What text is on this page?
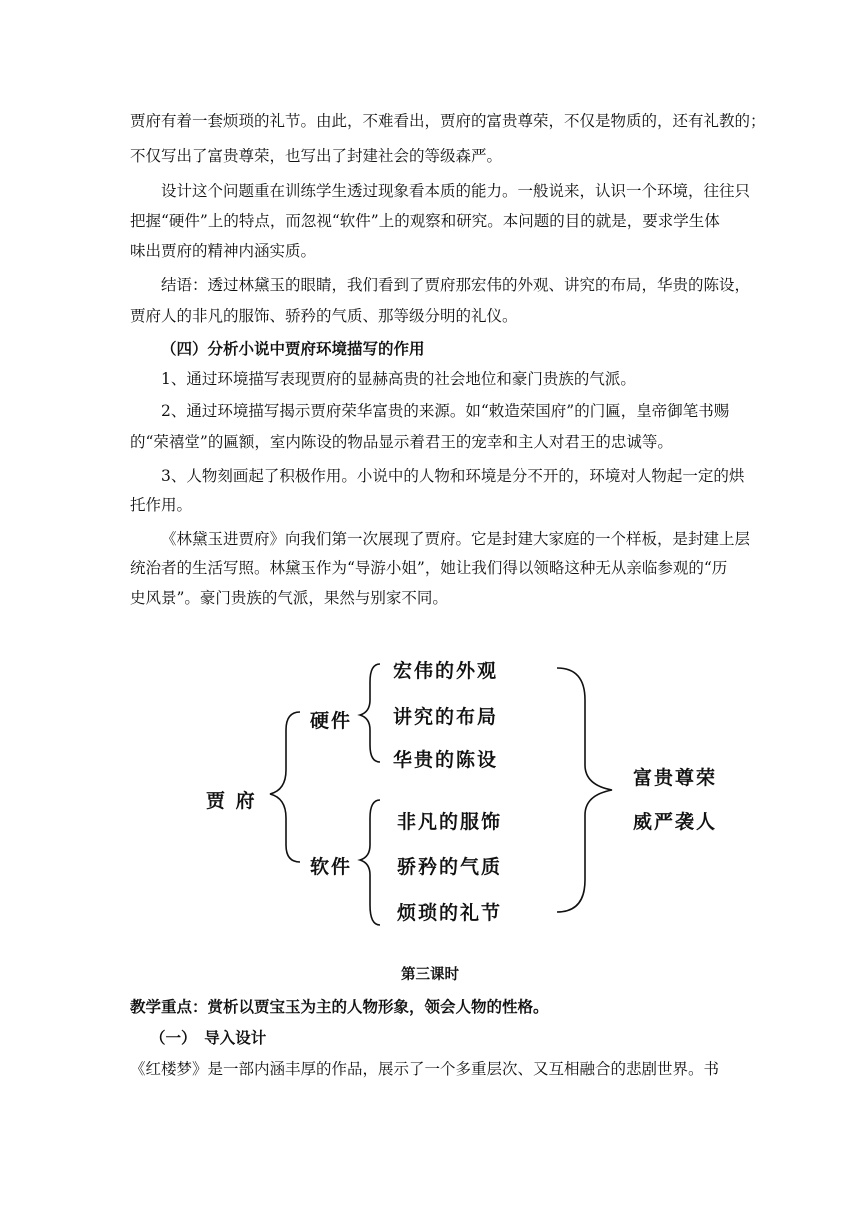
贾府有着一套烦琐的礼节。由此，不难看出，贾府的富贵尊荣，不仅是物质的，还有礼教的；
不仅写出了富贵尊荣，也写出了封建社会的等级森严。
设计这个问题重在训练学生透过现象看本质的能力。一般说来，认识一个环境，往往只
把握“硬件”上的特点，而忽视“软件”上的观察和研究。本问题的目的就是，要求学生体
味出贾府的精神内涵实质。
结语：透过林黛玉的眼睛，我们看到了贾府那宏伟的外观、讲究的布局，华贵的陈设，
贾府人的非凡的服饰、骄矜的气质、那等级分明的礼仪。
（四）分析小说中贾府环境描写的作用
1、通过环境描写表现贾府的显赫高贵的社会地位和豪门贵族的气派。
2、通过环境描写揭示贾府荣华富贵的来源。如“敕造荣国府”的门匾，皇帝御笔书赐
的“荣禧堂”的匾额，室内陈设的物品显示着君王的宠幸和主人对君王的忠诚等。
3、人物刻画起了积极作用。小说中的人物和环境是分不开的，环境对人物起一定的烘
托作用。
《林黛玉进贾府》向我们第一次展现了贾府。它是封建大家庭的一个样板，是封建上层
统治者的生活写照。林黛玉作为“导游小姐”，她让我们得以领略这种无从亲临参观的“历
史风景”。豪门贵族的气派，果然与别家不同。
贾 府
硬件
软件
宏伟的外观
讲究的布局
华贵的陈设
非凡的服饰
骄矜的气质
烦琐的礼节
富贵尊荣
威严袭人
第三课时
教学重点：赏析以贾宝玉为主的人物形象，领会人物的性格。
（一）　导入设计
《红楼梦》是一部内涵丰厚的作品，展示了一个多重层次、又互相融合的悲剧世界。书
